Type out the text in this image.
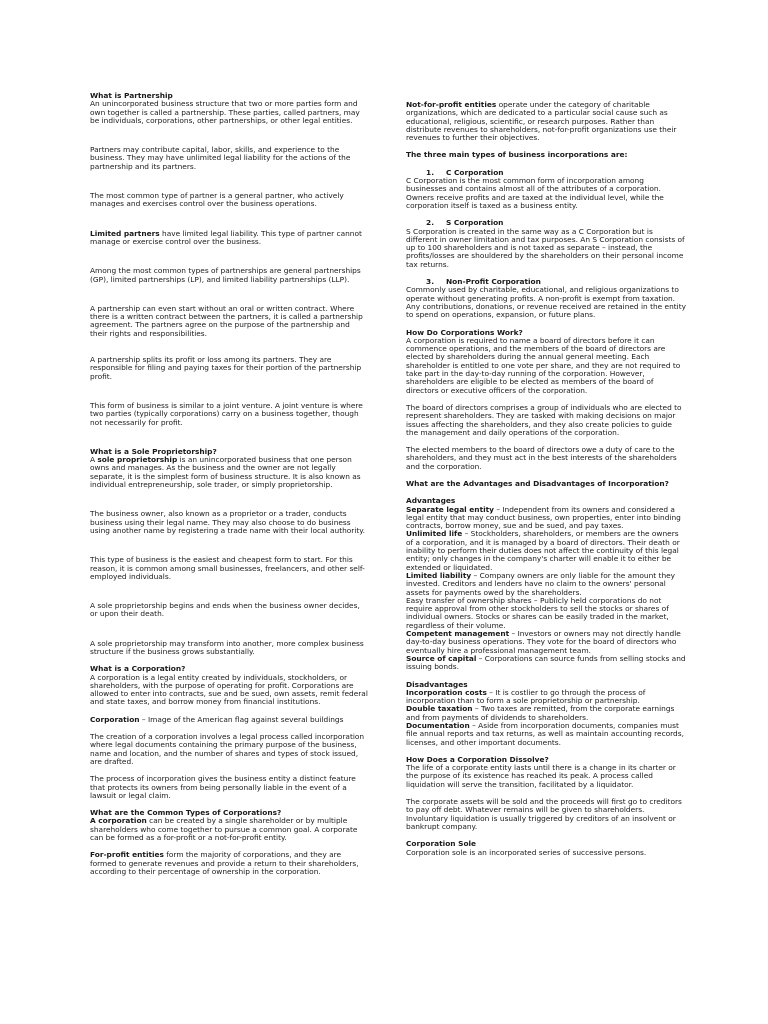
What is Partnership
An unincorporated business structure that two or more parties form and own together is called a partnership. These parties, called partners, may be individuals, corporations, other partnerships, or other legal entities.

Partners may contribute capital, labor, skills, and experience to the business. They may have unlimited legal liability for the actions of the partnership and its partners.

The most common type of partner is a general partner, who actively manages and exercises control over the business operations.

Limited partners have limited legal liability. This type of partner cannot manage or exercise control over the business.

Among the most common types of partnerships are general partnerships (GP), limited partnerships (LP), and limited liability partnerships (LLP).

A partnership can even start without an oral or written contract. Where there is a written contract between the partners, it is called a partnership agreement. The partners agree on the purpose of the partnership and their rights and responsibilities.

A partnership splits its profit or loss among its partners. They are responsible for filing and paying taxes for their portion of the partnership profit.

This form of business is similar to a joint venture. A joint venture is where two parties (typically corporations) carry on a business together, though not necessarily for profit.

What is a Sole Proprietorship?
A sole proprietorship is an unincorporated business that one person owns and manages. As the business and the owner are not legally separate, it is the simplest form of business structure. It is also known as individual entrepreneurship, sole trader, or simply proprietorship.

The business owner, also known as a proprietor or a trader, conducts business using their legal name. They may also choose to do business using another name by registering a trade name with their local authority.

This type of business is the easiest and cheapest form to start. For this reason, it is common among small businesses, freelancers, and other self-employed individuals.

A sole proprietorship begins and ends when the business owner decides, or upon their death.

A sole proprietorship may transform into another, more complex business structure if the business grows substantially.

What is a Corporation?
A corporation is a legal entity created by individuals, stockholders, or shareholders, with the purpose of operating for profit. Corporations are allowed to enter into contracts, sue and be sued, own assets, remit federal and state taxes, and borrow money from financial institutions.

Corporation – Image of the American flag against several buildings

The creation of a corporation involves a legal process called incorporation where legal documents containing the primary purpose of the business, name and location, and the number of shares and types of stock issued, are drafted.

The process of incorporation gives the business entity a distinct feature that protects its owners from being personally liable in the event of a lawsuit or legal claim.

What are the Common Types of Corporations?
A corporation can be created by a single shareholder or by multiple shareholders who come together to pursue a common goal. A corporate can be formed as a for-profit or a not-for-profit entity.

For-profit entities form the majority of corporations, and they are formed to generate revenues and provide a return to their shareholders, according to their percentage of ownership in the corporation.

Not-for-profit entities operate under the category of charitable organizations, which are dedicated to a particular social cause such as educational, religious, scientific, or research purposes. Rather than distribute revenues to shareholders, not-for-profit organizations use their revenues to further their objectives.

The three main types of business incorporations are:

1. C Corporation

C Corporation is the most common form of incorporation among businesses and contains almost all of the attributes of a corporation. Owners receive profits and are taxed at the individual level, while the corporation itself is taxed as a business entity.

2. S Corporation

S Corporation is created in the same way as a C Corporation but is different in owner limitation and tax purposes. An S Corporation consists of up to 100 shareholders and is not taxed as separate – instead, the profits/losses are shouldered by the shareholders on their personal income tax returns.

3. Non-Profit Corporation

Commonly used by charitable, educational, and religious organizations to operate without generating profits. A non-profit is exempt from taxation. Any contributions, donations, or revenue received are retained in the entity to spend on operations, expansion, or future plans.

How Do Corporations Work?
A corporation is required to name a board of directors before it can commence operations, and the members of the board of directors are elected by shareholders during the annual general meeting. Each shareholder is entitled to one vote per share, and they are not required to take part in the day-to-day running of the corporation. However, shareholders are eligible to be elected as members of the board of directors or executive officers of the corporation.

The board of directors comprises a group of individuals who are elected to represent shareholders. They are tasked with making decisions on major issues affecting the shareholders, and they also create policies to guide the management and daily operations of the corporation.

The elected members to the board of directors owe a duty of care to the shareholders, and they must act in the best interests of the shareholders and the corporation.

What are the Advantages and Disadvantages of Incorporation?

Advantages
Separate legal entity – Independent from its owners and considered a legal entity that may conduct business, own properties, enter into binding contracts, borrow money, sue and be sued, and pay taxes.
Unlimited life – Stockholders, shareholders, or members are the owners of a corporation, and it is managed by a board of directors. Their death or inability to perform their duties does not affect the continuity of this legal entity; only changes in the company's charter will enable it to either be extended or liquidated.
Limited liability – Company owners are only liable for the amount they invested. Creditors and lenders have no claim to the owners' personal assets for payments owed by the shareholders.
Easy transfer of ownership shares – Publicly held corporations do not require approval from other stockholders to sell the stocks or shares of individual owners. Stocks or shares can be easily traded in the market, regardless of their volume.
Competent management – Investors or owners may not directly handle day-to-day business operations. They vote for the board of directors who eventually hire a professional management team.
Source of capital – Corporations can source funds from selling stocks and issuing bonds.

Disadvantages
Incorporation costs – It is costlier to go through the process of incorporation than to form a sole proprietorship or partnership.
Double taxation – Two taxes are remitted, from the corporate earnings and from payments of dividends to shareholders.
Documentation – Aside from incorporation documents, companies must file annual reports and tax returns, as well as maintain accounting records, licenses, and other important documents.

How Does a Corporation Dissolve?
The life of a corporate entity lasts until there is a change in its charter or the purpose of its existence has reached its peak. A process called liquidation will serve the transition, facilitated by a liquidator.

The corporate assets will be sold and the proceeds will first go to creditors to pay off debt. Whatever remains will be given to shareholders. Involuntary liquidation is usually triggered by creditors of an insolvent or bankrupt company.

Corporation Sole
Corporation sole is an incorporated series of successive persons.
